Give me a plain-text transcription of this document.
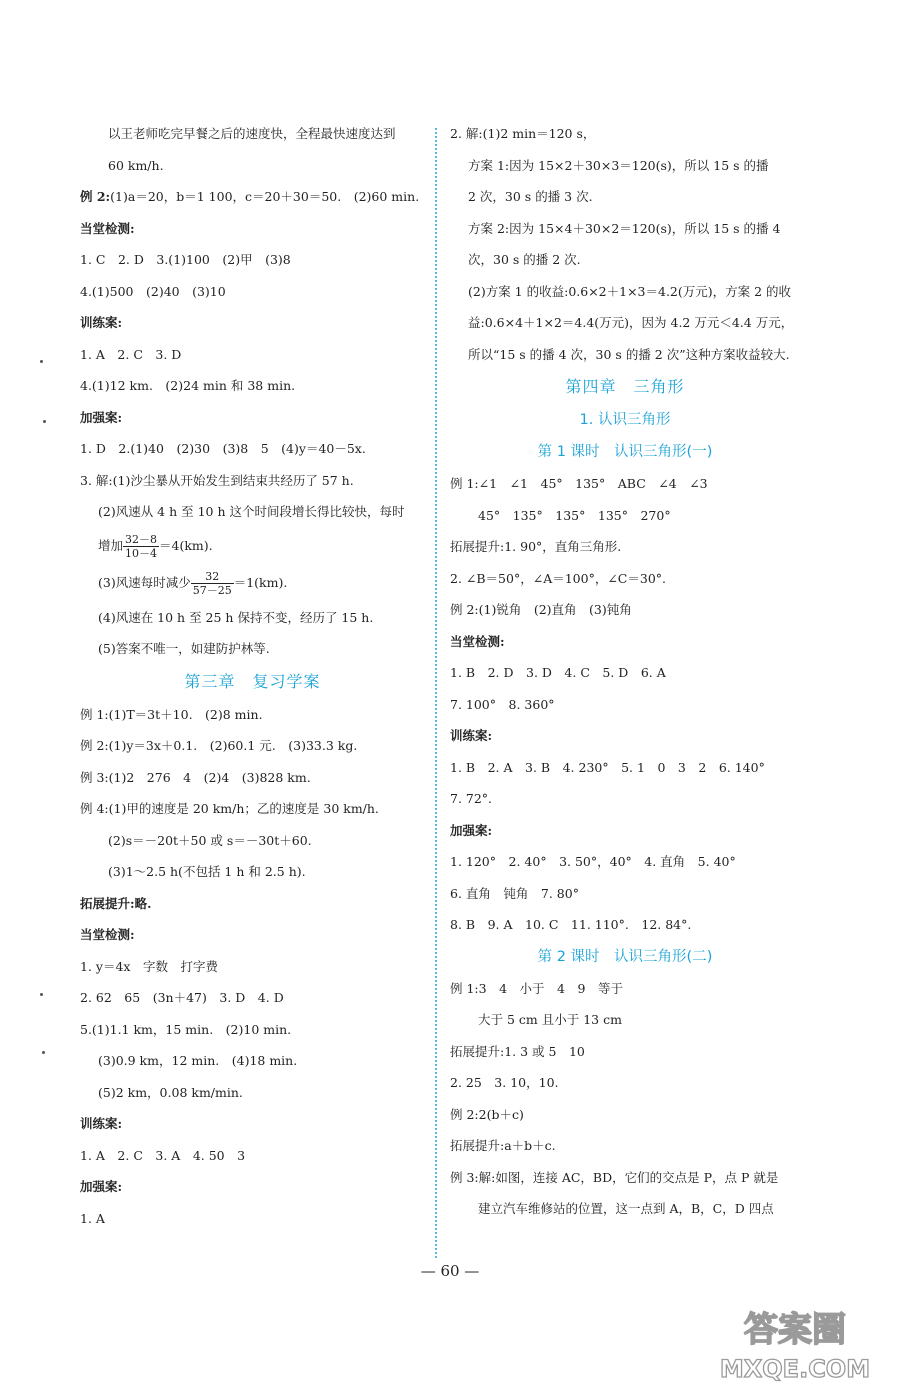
以王老师吃完早餐之后的速度快，全程最快速度达到
60 km/h.
例 2:(1)a＝20，b＝1 100，c＝20＋30＝50.　(2)60 min.
当堂检测:
1. C　2. D　3.(1)100　(2)甲　(3)8
4.(1)500　(2)40　(3)10
训练案:
1. A　2. C　3. D
4.(1)12 km.　(2)24 min 和 38 min.
加强案:
1. D　2.(1)40　(2)30　(3)8　5　(4)y＝40－5x.
3. 解:(1)沙尘暴从开始发生到结束共经历了 57 h.
(2)风速从 4 h 至 10 h 这个时间段增长得比较快，每时
增加 $\frac{32-8}{10-4} =4(km)$.
(3)风速每时减少 $\frac{32}{57-25} =1(km)$.
(4)风速在 10 h 至 25 h 保持不变，经历了 15 h.
(5)答案不唯一，如建防护林等.
第三章　复习学案
例 1:(1)T＝3t＋10.　(2)8 min.
例 2:(1)y＝3x＋0.1.　(2)60.1 元.　(3)33.3 kg.
例 3:(1)2　276　4　(2)4　(3)828 km.
例 4:(1)甲的速度是 20 km/h；乙的速度是 30 km/h.
(2)s＝－20t＋50 或 s＝－30t＋60.
(3)1～2.5 h(不包括 1 h 和 2.5 h).
拓展提升:略.
当堂检测:
1. y＝4x　字数　打字费
2. 62　65　(3n＋47)　3. D　4. D
5.(1)1.1 km，15 min.　(2)10 min.
(3)0.9 km，12 min.　(4)18 min.
(5)2 km，0.08 km/min.
训练案:
1. A　2. C　3. A　4. 50　3
加强案:
1. A
2. 解:(1)2 min＝120 s，
方案 1:因为 15×2＋30×3＝120(s)，所以 15 s 的播
2 次，30 s 的播 3 次.
方案 2:因为 15×4＋30×2＝120(s)，所以 15 s 的播 4
次，30 s 的播 2 次.
(2)方案 1 的收益:0.6×2＋1×3＝4.2(万元)，方案 2 的收
益:0.6×4＋1×2＝4.4(万元)，因为 4.2 万元＜4.4 万元，
所以“15 s 的播 4 次，30 s 的播 2 次”这种方案收益较大.
第四章　三角形
1. 认识三角形
第 1 课时　认识三角形(一)
例 1:∠1　∠1　45°　135°　ABC　∠4　∠3
45°　135°　135°　135°　270°
拓展提升:1. 90°，直角三角形.
2. ∠B＝50°，∠A＝100°，∠C＝30°.
例 2:(1)锐角　(2)直角　(3)钝角
当堂检测:
1. B　2. D　3. D　4. C　5. D　6. A
7. 100°　8. 360°
训练案:
1. B　2. A　3. B　4. 230°　5. 1　0　3　2　6. 140°
7. 72°.
加强案:
1. 120°　2. 40°　3. 50°，40°　4. 直角　5. 40°
6. 直角　钝角　7. 80°
8. B　9. A　10. C　11. 110°.　12. 84°.
第 2 课时　认识三角形(二)
例 1:3　4　小于　4　9　等于
大于 5 cm 且小于 13 cm
拓展提升:1. 3 或 5　10
2. 25　3. 10，10.
例 2:2(b＋c)
拓展提升:a＋b＋c.
例 3:解:如图，连接 AC，BD，它们的交点是 P，点 P 就是
建立汽车维修站的位置，这一点到 A，B，C，D 四点
— 60 —
答案圈
MXQE.COM
